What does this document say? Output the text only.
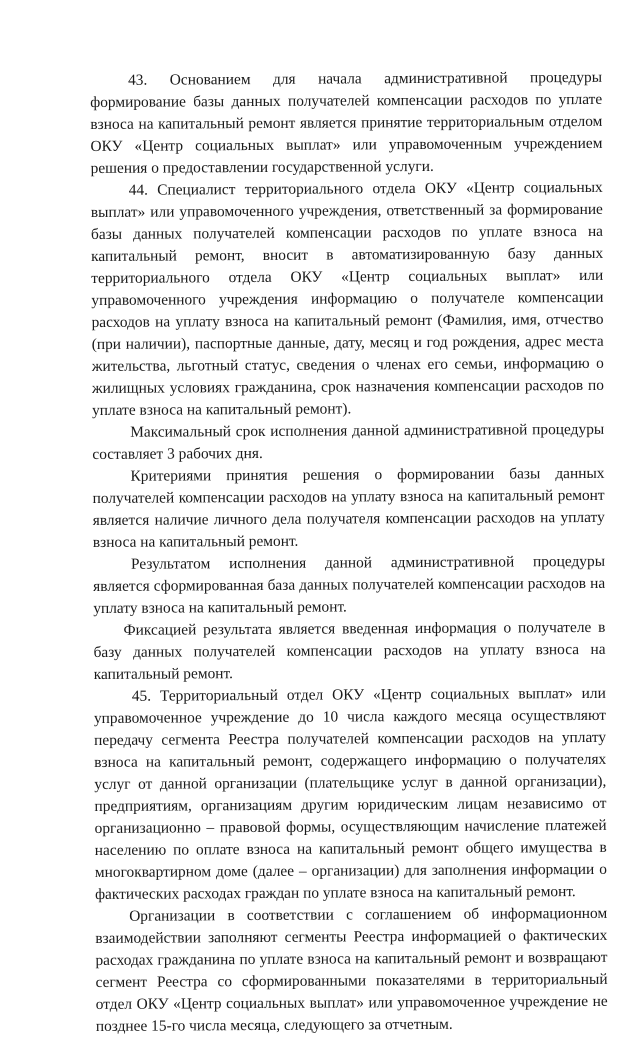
43. Основанием для начала административной процедуры формирование базы данных получателей компенсации расходов по уплате взноса на капитальный ремонт является принятие территориальным отделом ОКУ «Центр социальных выплат» или управомоченным учреждением решения о предоставлении государственной услуги.

44. Специалист территориального отдела ОКУ «Центр социальных выплат» или управомоченного учреждения, ответственный за формирование базы данных получателей компенсации расходов по уплате взноса на капитальный ремонт, вносит в автоматизированную базу данных территориального отдела ОКУ «Центр социальных выплат» или управомоченного учреждения информацию о получателе компенсации расходов на уплату взноса на капитальный ремонт (Фамилия, имя, отчество (при наличии), паспортные данные, дату, месяц и год рождения, адрес места жительства, льготный статус, сведения о членах его семьи, информацию о жилищных условиях гражданина, срок назначения компенсации расходов по уплате взноса на капитальный ремонт).

Максимальный срок исполнения данной административной процедуры составляет 3 рабочих дня.

Критериями принятия решения о формировании базы данных получателей компенсации расходов на уплату взноса на капитальный ремонт является наличие личного дела получателя компенсации расходов на уплату взноса на капитальный ремонт.

Результатом исполнения данной административной процедуры является сформированная база данных получателей компенсации расходов на уплату взноса на капитальный ремонт.

Фиксацией результата является введенная информация о получателе в базу данных получателей компенсации расходов на уплату взноса на капитальный ремонт.

45. Территориальный отдел ОКУ «Центр социальных выплат» или управомоченное учреждение до 10 числа каждого месяца осуществляют передачу сегмента Реестра получателей компенсации расходов на уплату взноса на капитальный ремонт, содержащего информацию о получателях услуг от данной организации (плательщике услуг в данной организации), предприятиям, организациям другим юридическим лицам независимо от организационно – правовой формы, осуществляющим начисление платежей населению по оплате взноса на капитальный ремонт общего имущества в многоквартирном доме (далее – организации) для заполнения информации о фактических расходах граждан по уплате взноса на капитальный ремонт.

Организации в соответствии с соглашением об информационном взаимодействии заполняют сегменты Реестра информацией о фактических расходах гражданина по уплате взноса на капитальный ремонт и возвращают сегмент Реестра со сформированными показателями в территориальный отдел ОКУ «Центр социальных выплат» или управомоченное учреждение не позднее 15-го числа месяца, следующего за отчетным.
